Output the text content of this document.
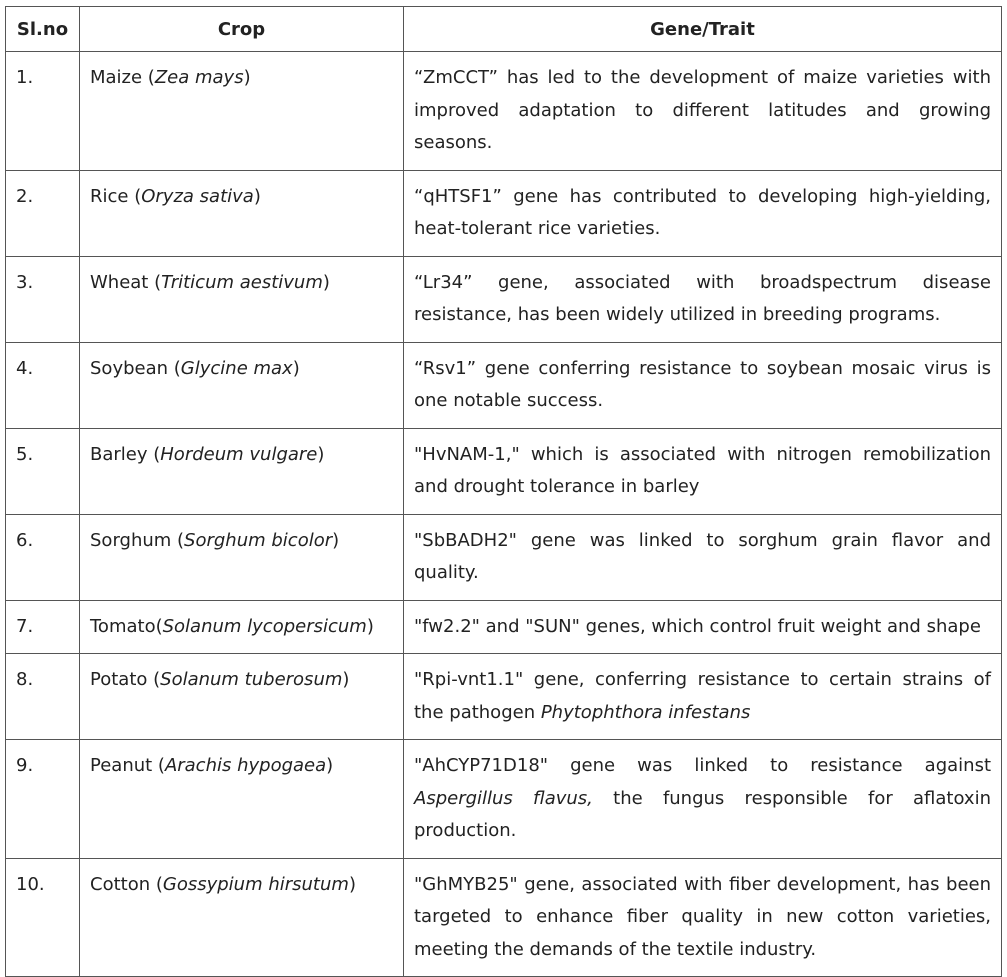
Sl.no	Crop	Gene/Trait
1.	Maize (Zea mays)	“ZmCCT” has led to the development of maize varieties with improved adaptation to different latitudes and growing seasons.
2.	Rice (Oryza sativa)	“qHTSF1” gene has contributed to developing high-yielding, heat-tolerant rice varieties.
3.	Wheat (Triticum aestivum)	“Lr34” gene, associated with broadspectrum disease resistance, has been widely utilized in breeding programs.
4.	Soybean (Glycine max)	“Rsv1” gene conferring resistance to soybean mosaic virus is one notable success.
5.	Barley (Hordeum vulgare)	"HvNAM-1," which is associated with nitrogen remobilization and drought tolerance in barley
6.	Sorghum (Sorghum bicolor)	"SbBADH2" gene was linked to sorghum grain flavor and quality.
7.	Tomato(Solanum lycopersicum)	"fw2.2" and "SUN" genes, which control fruit weight and shape
8.	Potato (Solanum tuberosum)	"Rpi-vnt1.1" gene, conferring resistance to certain strains of the pathogen Phytophthora infestans
9.	Peanut (Arachis hypogaea)	"AhCYP71D18" gene was linked to resistance against Aspergillus flavus, the fungus responsible for aflatoxin production.
10.	Cotton (Gossypium hirsutum)	"GhMYB25" gene, associated with fiber development, has been targeted to enhance fiber quality in new cotton varieties, meeting the demands of the textile industry.
